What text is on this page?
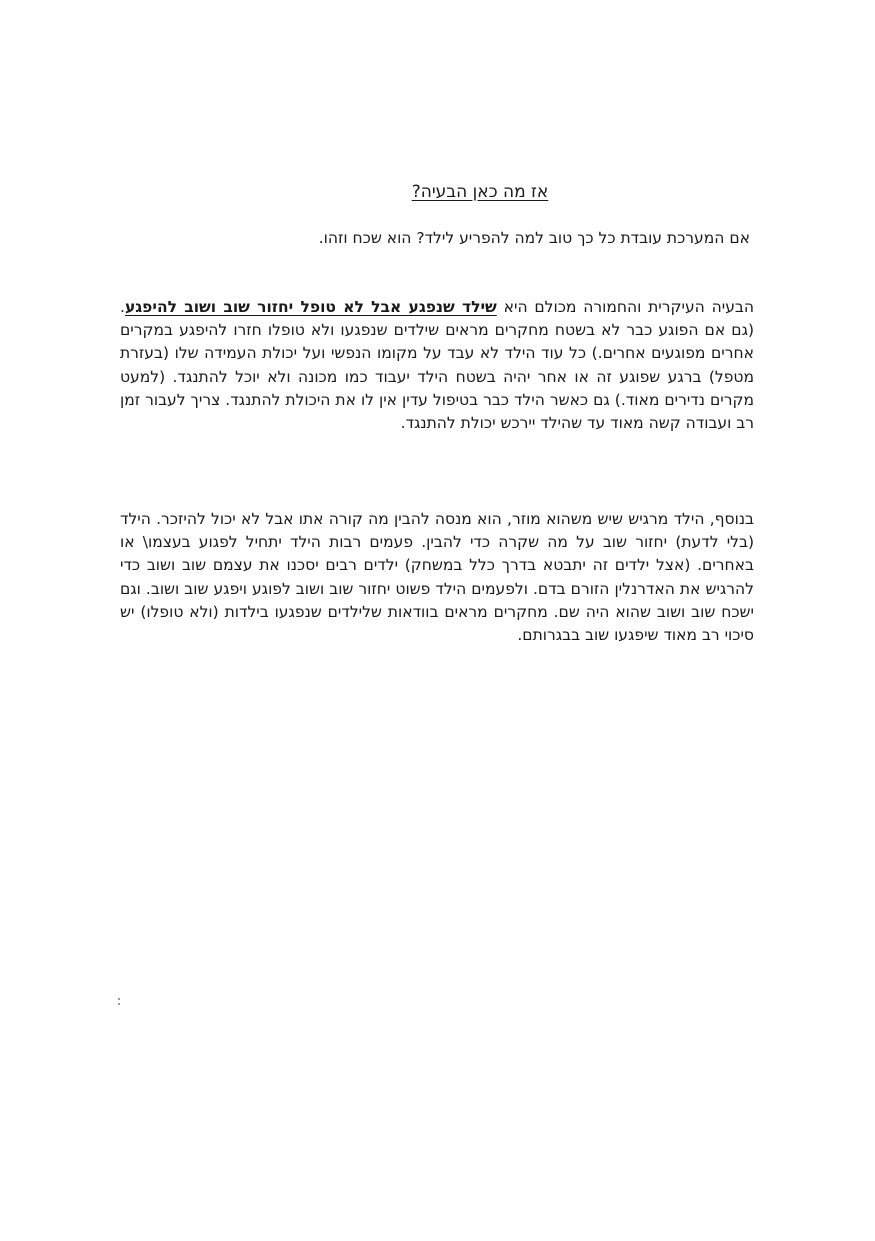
אז מה כאן הבעיה?
אם המערכת עובדת כל כך טוב למה להפריע לילד? הוא שכח וזהו.
הבעיה העיקרית והחמורה מכולם היא שילד שנפגע אבל לא טופל יחזור שוב ושוב להיפגע. (גם אם הפוגע כבר לא בשטח מחקרים מראים שילדים שנפגעו ולא טופלו חזרו להיפגע במקרים אחרים מפוגעים אחרים.) כל עוד הילד לא עבד על מקומו הנפשי ועל יכולת העמידה שלו (בעזרת מטפל) ברגע שפוגע זה או אחר יהיה בשטח הילד יעבוד כמו מכונה ולא יוכל להתנגד. (למעט מקרים נדירים מאוד.) גם כאשר הילד כבר בטיפול עדין אין לו את היכולת להתנגד. צריך לעבור זמן רב ועבודה קשה מאוד עד שהילד יירכש יכולת להתנגד.
בנוסף, הילד מרגיש שיש משהוא מוזר, הוא מנסה להבין מה קורה אתו אבל לא יכול להיזכר. הילד (בלי לדעת) יחזור שוב על מה שקרה כדי להבין. פעמים רבות הילד יתחיל לפגוע בעצמו\ או באחרים. (אצל ילדים זה יתבטא בדרך כלל במשחק) ילדים רבים יסכנו את עצמם שוב ושוב כדי להרגיש את האדרנלין הזורם בדם. ולפעמים הילד פשוט יחזור שוב ושוב לפוגע ויפגע שוב ושוב. וגם ישכח שוב ושוב שהוא היה שם. מחקרים מראים בוודאות שלילדים שנפגעו בילדות (ולא טופלו) יש סיכוי רב מאוד שיפגעו שוב בבגרותם.
